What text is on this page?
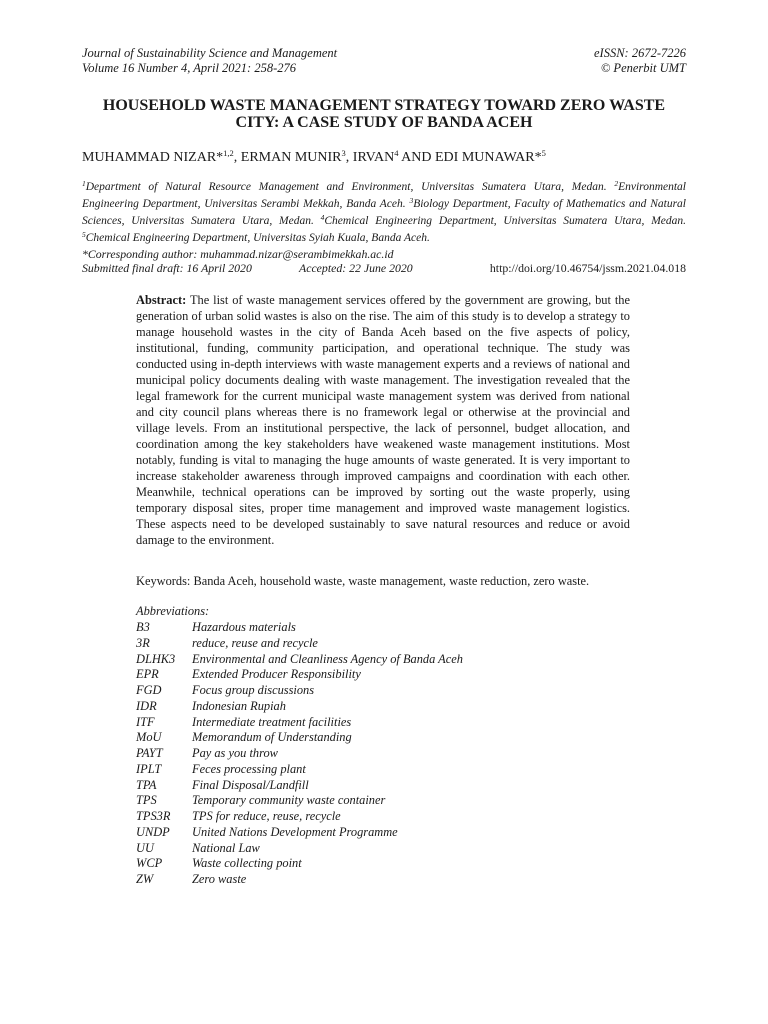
Journal of Sustainability Science and Management
Volume 16 Number 4, April 2021: 258-276
eISSN: 2672-7226
© Penerbit UMT
HOUSEHOLD WASTE MANAGEMENT STRATEGY TOWARD ZERO WASTE
CITY: A CASE STUDY OF BANDA ACEH
MUHAMMAD NIZAR*$^{1,2}$, ERMAN MUNIR$^3$, IRVAN$^4$ AND EDI MUNAWAR*$^5$
$^1$Department of Natural Resource Management and Environment, Universitas Sumatera Utara, Medan. $^2$Environmental Engineering Department, Universitas Serambi Mekkah, Banda Aceh. $^3$Biology Department, Faculty of Mathematics and Natural Sciences, Universitas Sumatera Utara, Medan. $^4$Chemical Engineering Department, Universitas Sumatera Utara, Medan. $^5$Chemical Engineering Department, Universitas Syiah Kuala, Banda Aceh.
*Corresponding author: muhammad.nizar@serambimekkah.ac.id
Submitted final draft: 16 April 2020	Accepted: 22 June 2020	http://doi.org/10.46754/jssm.2021.04.018
Abstract: The list of waste management services offered by the government are growing, but the generation of urban solid wastes is also on the rise. The aim of this study is to develop a strategy to manage household wastes in the city of Banda Aceh based on the five aspects of policy, institutional, funding, community participation, and operational technique. The study was conducted using in-depth interviews with waste management experts and a reviews of national and municipal policy documents dealing with waste management. The investigation revealed that the legal framework for the current municipal waste management system was derived from national and city council plans whereas there is no framework legal or otherwise at the provincial and village levels. From an institutional perspective, the lack of personnel, budget allocation, and coordination among the key stakeholders have weakened waste management institutions. Most notably, funding is vital to managing the huge amounts of waste generated. It is very important to increase stakeholder awareness through improved campaigns and coordination with each other. Meanwhile, technical operations can be improved by sorting out the waste properly, using temporary disposal sites, proper time management and improved waste management logistics. These aspects need to be developed sustainably to save natural resources and reduce or avoid damage to the environment.
Keywords: Banda Aceh, household waste, waste management, waste reduction, zero waste.
Abbreviations:
B3	Hazardous materials
3R	reduce, reuse and recycle
DLHK3 Environmental and Cleanliness Agency of Banda Aceh
EPR	Extended Producer Responsibility
FGD Focus group discussions
IDR	Indonesian Rupiah
ITF	Intermediate treatment facilities
MoU Memorandum of Understanding
PAYT Pay as you throw
IPLT Feces processing plant
TPA	Final Disposal/Landfill
TPS	Temporary community waste container
TPS3R TPS for reduce, reuse, recycle
UNDP United Nations Development Programme
UU	National Law
WCP Waste collecting point
ZW	Zero waste
